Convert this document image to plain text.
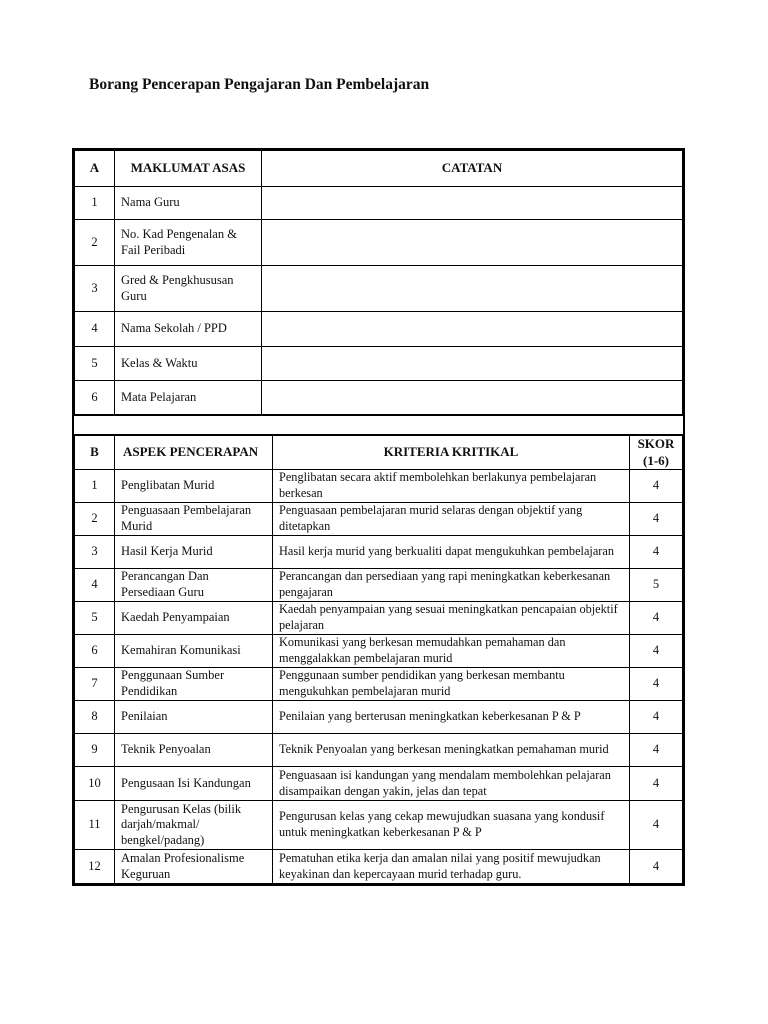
Borang Pencerapan Pengajaran Dan Pembelajaran
A	MAKLUMAT ASAS	CATATAN
1	Nama Guru	
2	No. Kad Pengenalan & Fail Peribadi	
3	Gred & Pengkhususan Guru	
4	Nama Sekolah / PPD	
5	Kelas & Waktu	
6	Mata Pelajaran	
B	ASPEK PENCERAPAN	KRITERIA KRITIKAL	SKOR (1-6)
1	Penglibatan Murid	Penglibatan secara aktif membolehkan berlakunya pembelajaran berkesan	4
2	Penguasaan Pembelajaran Murid	Penguasaan pembelajaran murid selaras dengan objektif yang ditetapkan	4
3	Hasil Kerja Murid	Hasil kerja murid yang berkualiti dapat mengukuhkan pembelajaran	4
4	Perancangan Dan Persediaan Guru	Perancangan dan persediaan yang rapi meningkatkan keberkesanan pengajaran	5
5	Kaedah Penyampaian	Kaedah penyampaian yang sesuai meningkatkan pencapaian objektif pelajaran	4
6	Kemahiran Komunikasi	Komunikasi yang berkesan memudahkan pemahaman dan menggalakkan pembelajaran murid	4
7	Penggunaan Sumber Pendidikan	Penggunaan sumber pendidikan yang berkesan membantu mengukuhkan pembelajaran murid	4
8	Penilaian	Penilaian yang berterusan meningkatkan keberkesanan P & P	4
9	Teknik Penyoalan	Teknik Penyoalan yang berkesan meningkatkan pemahaman murid	4
10	Pengusaan Isi Kandungan	Penguasaan isi kandungan yang mendalam membolehkan pelajaran disampaikan dengan yakin, jelas dan tepat	4
11	Pengurusan Kelas (bilik darjah/makmal/ bengkel/padang)	Pengurusan kelas yang cekap mewujudkan suasana yang kondusif untuk meningkatkan keberkesanan P & P	4
12	Amalan Profesionalisme Keguruan	Pematuhan etika kerja dan amalan nilai yang positif mewujudkan keyakinan dan kepercayaan murid terhadap guru.	4
